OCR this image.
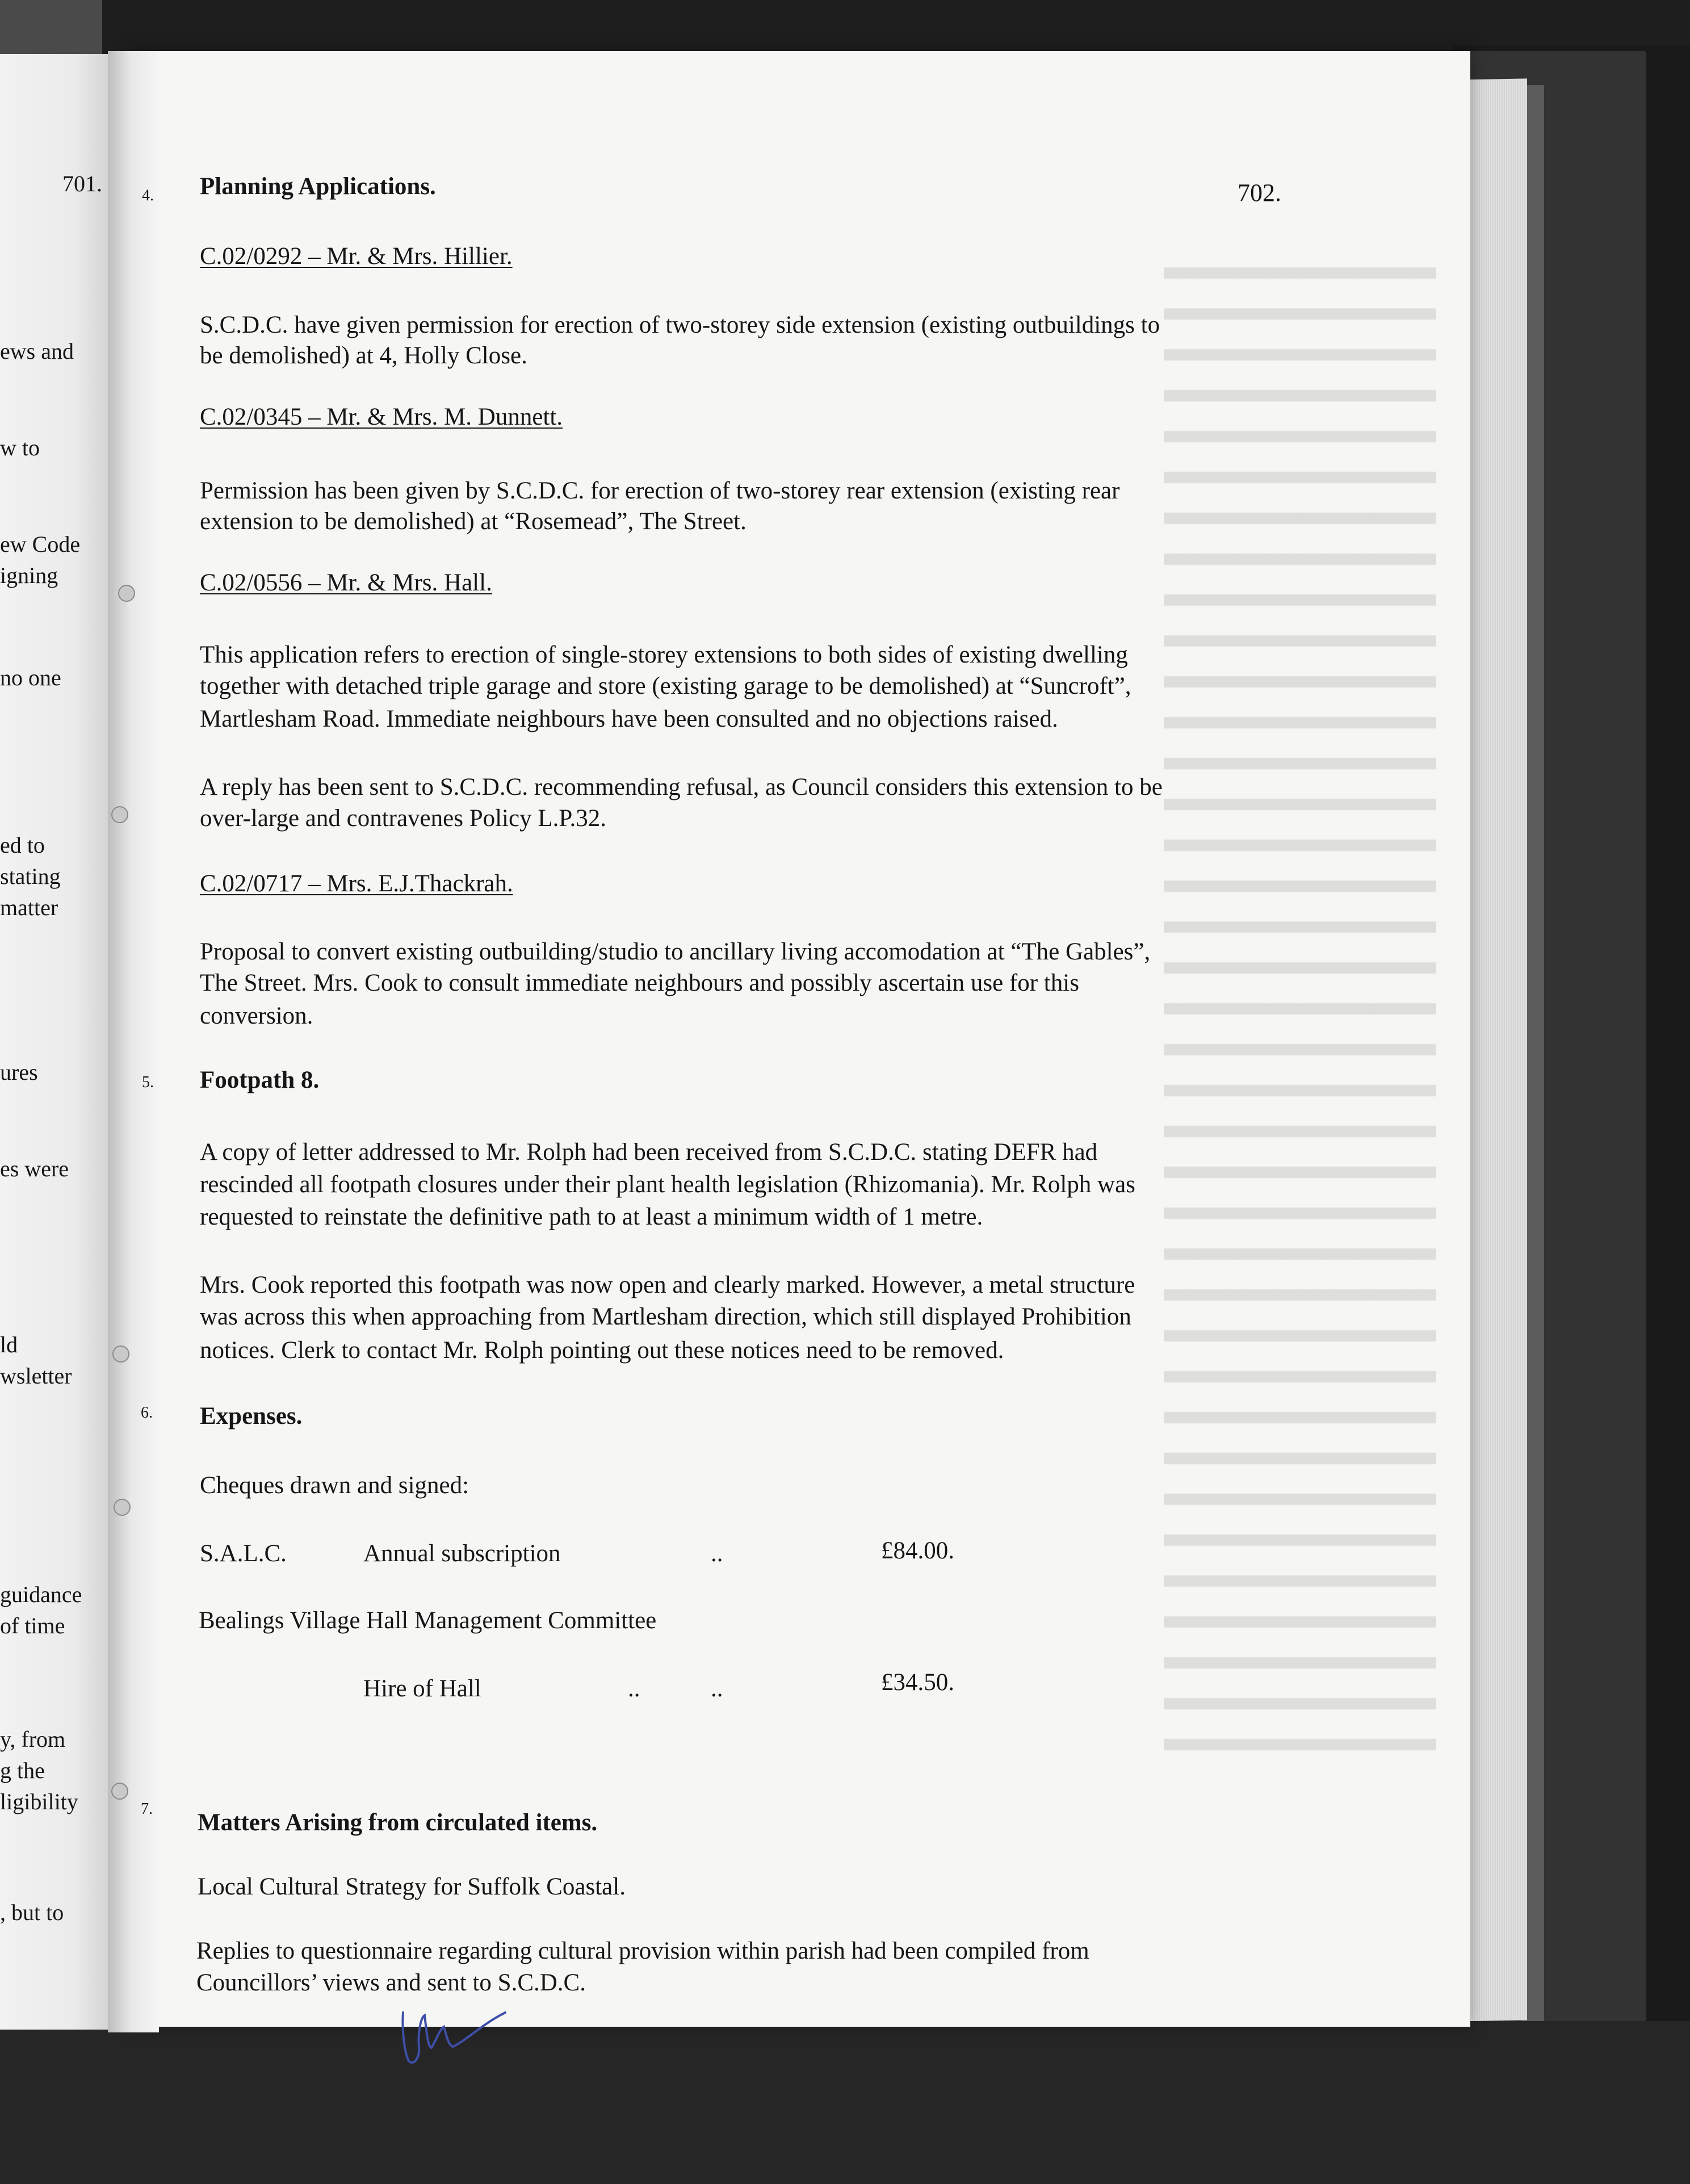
701.
ews and
w to
ew Code
igning
no one
ed to
stating
matter
ures
es were
ld
wsletter
guidance
of time
y, from
g the
ligibility
, but to
702.
4. Planning Applications.
C.02/0292 – Mr. & Mrs. Hillier.
S.C.D.C. have given permission for erection of two-storey side extension (existing outbuildings to
be demolished) at 4, Holly Close.
C.02/0345 – Mr. & Mrs. M. Dunnett.
Permission has been given by S.C.D.C. for erection of two-storey rear extension (existing rear
extension to be demolished) at “Rosemead”, The Street.
C.02/0556 – Mr. & Mrs. Hall.
This application refers to erection of single-storey extensions to both sides of existing dwelling
together with detached triple garage and store (existing garage to be demolished) at “Suncroft”,
Martlesham Road. Immediate neighbours have been consulted and no objections raised.
A reply has been sent to S.C.D.C. recommending refusal, as Council considers this extension to be
over-large and contravenes Policy L.P.32.
C.02/0717 – Mrs. E.J.Thackrah.
Proposal to convert existing outbuilding/studio to ancillary living accomodation at “The Gables”,
The Street. Mrs. Cook to consult immediate neighbours and possibly ascertain use for this
conversion.
5. Footpath 8.
A copy of letter addressed to Mr. Rolph had been received from S.C.D.C. stating DEFR had
rescinded all footpath closures under their plant health legislation (Rhizomania). Mr. Rolph was
requested to reinstate the definitive path to at least a minimum width of 1 metre.
Mrs. Cook reported this footpath was now open and clearly marked. However, a metal structure
was across this when approaching from Martlesham direction, which still displayed Prohibition
notices. Clerk to contact Mr. Rolph pointing out these notices need to be removed.
6. Expenses.
Cheques drawn and signed:
S.A.L.C.	Annual subscription	..	£84.00.
Bealings Village Hall Management Committee
Hire of Hall	..	..	£34.50.
7.
Matters Arising from circulated items.
Local Cultural Strategy for Suffolk Coastal.
Replies to questionnaire regarding cultural provision within parish had been compiled from
Councillors’ views and sent to S.C.D.C.
